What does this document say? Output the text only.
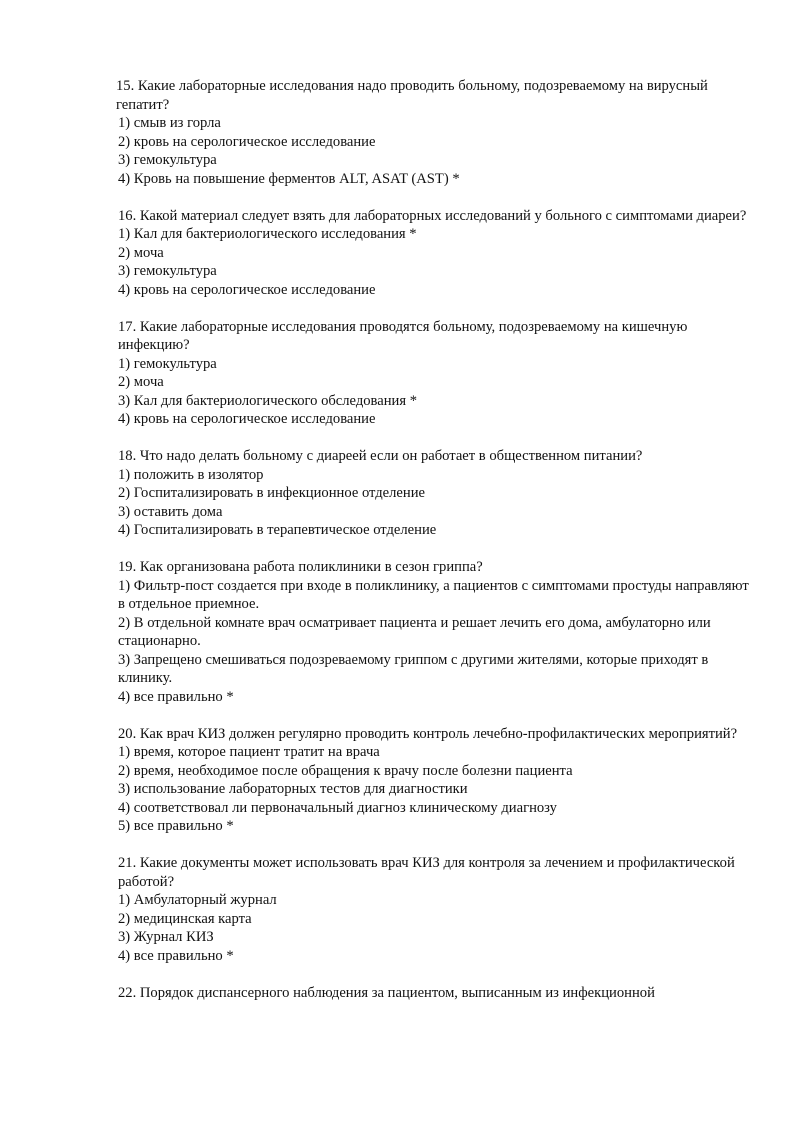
15. Какие лабораторные исследования надо проводить больному, подозреваемому на вирусный гепатит?

1) смыв из горла

2) кровь на серологическое исследование

3) гемокультура

4) Кровь на повышение ферментов ALT, ASAT (AST) *

16. Какой материал следует взять для лабораторных исследований у больного с симптомами диареи?

1) Кал для бактериологического исследования *

2) моча

3) гемокультура

4) кровь на серологическое исследование

17. Какие лабораторные исследования проводятся больному, подозреваемому на кишечную инфекцию?

1) гемокультура

2) моча

3) Кал для бактериологического обследования *

4) кровь на серологическое исследование

18. Что надо делать больному с диареей если он работает в общественном питании?

1) положить в изолятор

2) Госпитализировать в инфекционное отделение

3) оставить дома

4) Госпитализировать в терапевтическое отделение

19. Как организована работа поликлиники в сезон гриппа?

1) Фильтр-пост создается при входе в поликлинику, а пациентов с симптомами простуды направляют в отдельное приемное.

2) В отдельной комнате врач осматривает пациента и решает лечить его дома, амбулаторно или стационарно.

3) Запрещено смешиваться подозреваемому гриппом с другими жителями, которые приходят в клинику.

4) все правильно *

20. Как врач КИЗ должен регулярно проводить контроль лечебно-профилактических мероприятий?

1) время, которое пациент тратит на врача

2) время, необходимое после обращения к врачу после болезни пациента

3) использование лабораторных тестов для диагностики

4) соответствовал ли первоначальный диагноз клиническому диагнозу

5) все правильно *

21. Какие документы может использовать врач КИЗ для контроля за лечением и профилактической работой?

1) Амбулаторный журнал

2) медицинская карта

3) Журнал КИЗ

4) все правильно *

22. Порядок диспансерного наблюдения за пациентом, выписанным из инфекционной
